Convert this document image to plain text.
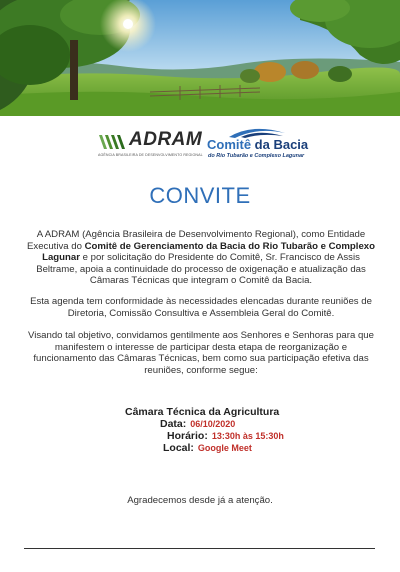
ADRAM
AGÊNCIA BRASILEIRA DE DESENVOLVIMENTO REGIONAL
Comitê da Bacia
do Rio Tubarão e Complexo Lagunar
CONVITE
A ADRAM (Agência Brasileira de Desenvolvimento Regional), como Entidade Executiva do Comitê de Gerenciamento da Bacia do Rio Tubarão e Complexo Lagunar e por solicitação do Presidente do Comitê, Sr. Francisco de Assis Beltrame, apoia a continuidade do processo de oxigenação e atualização das Câmaras Técnicas que integram o Comitê da Bacia.
Esta agenda tem conformidade às necessidades elencadas durante reuniões de Diretoria, Comissão Consultiva e Assembleia Geral do Comitê.
Visando tal objetivo, convidamos gentilmente aos Senhores e Senhoras para que manifestem o interesse de participar desta etapa de reorganização e funcionamento das Câmaras Técnicas, bem como sua participação efetiva das reuniões, conforme segue:
Câmara Técnica da Agricultura
Data: 06/10/2020
Horário: 13:30h às 15:30h
Local: Google Meet
Agradecemos desde já a atenção.
